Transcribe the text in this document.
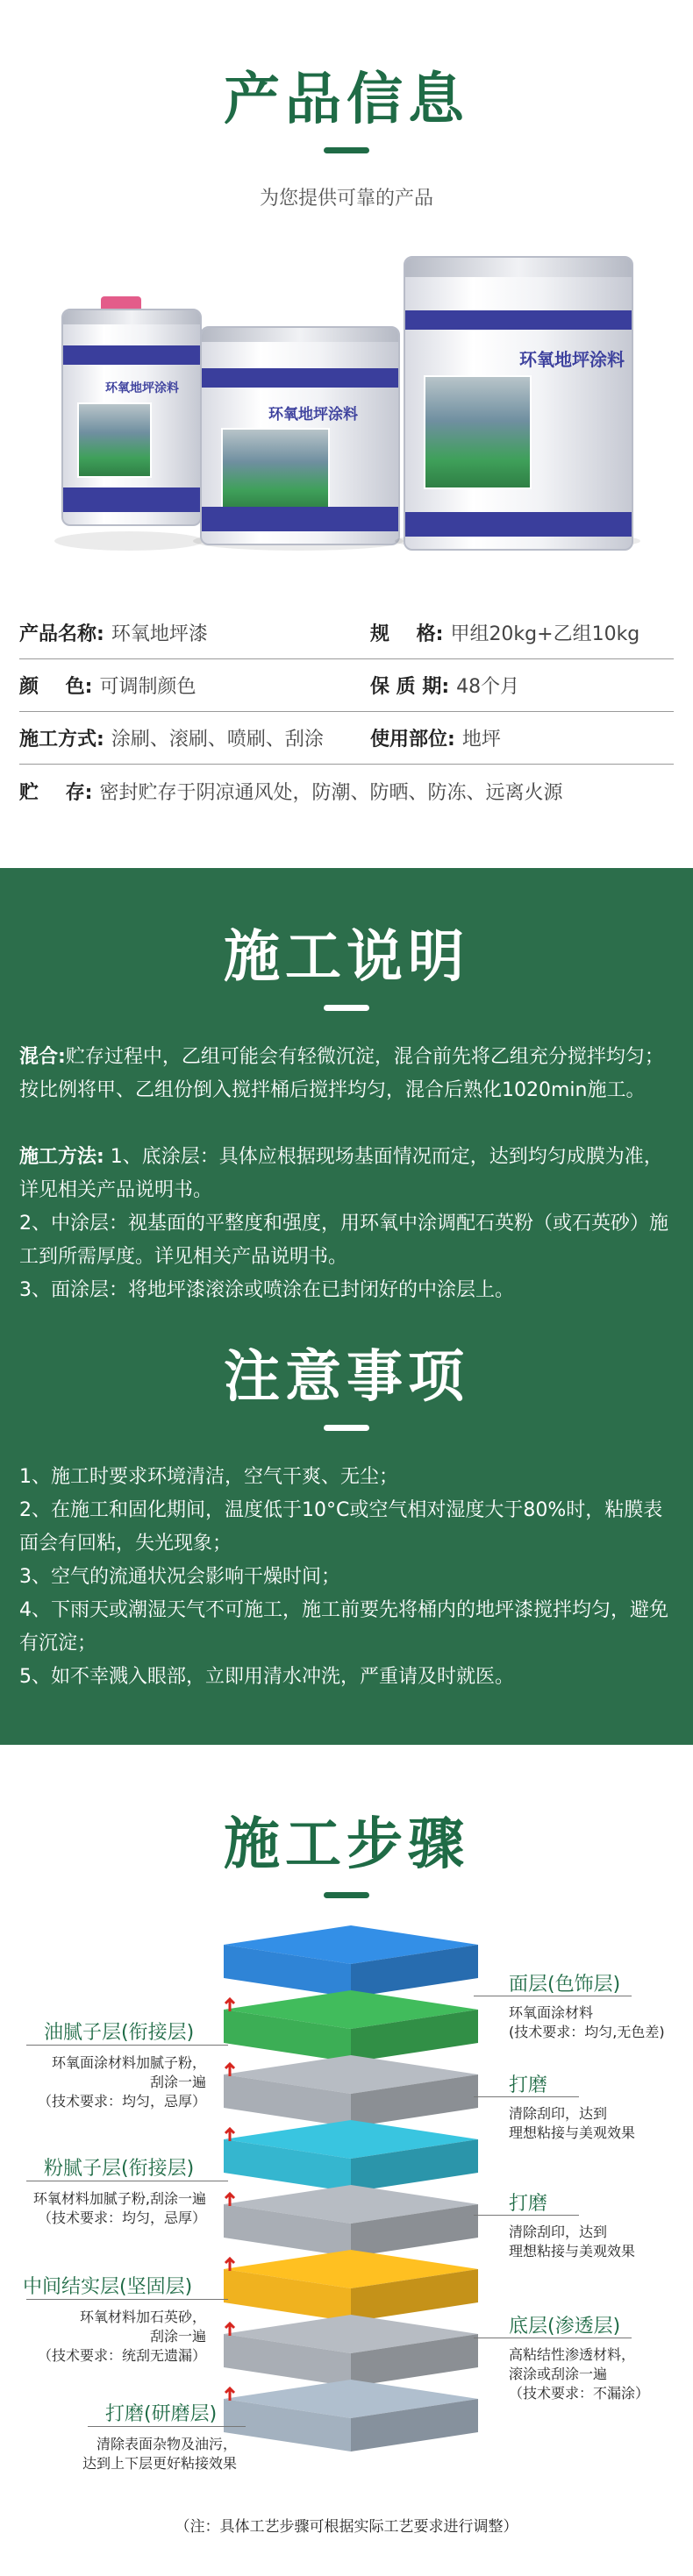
产品信息

为您提供可靠的产品

环氧地坪涂料
环氧地坪涂料
环氧地坪涂料
产品名称: 环氧地坪漆	规    格: 甲组20kg+乙组10kg
颜    色: 可调制颜色	保 质 期: 48个月
施工方式: 涂刷、滚刷、喷刷、刮涂 使用部位: 地坪
贮    存: 密封贮存于阴凉通风处，防潮、防晒、防冻、远离火源
施工说明

混合:贮存过程中，乙组可能会有轻微沉淀，混合前先将乙组充分搅拌均匀；按比例将甲、乙组份倒入搅拌桶后搅拌均匀，混合后熟化1020min施工。

施工方法: 1、底涂层：具体应根据现场基面情况而定，达到均匀成膜为准，详见相关产品说明书。
2、中涂层：视基面的平整度和强度，用环氧中涂调配石英粉（或石英砂）施工到所需厚度。详见相关产品说明书。
3、面涂层：将地坪漆滚涂或喷涂在已封闭好的中涂层上。
注意事项
1、施工时要求环境清洁，空气干爽、无尘；
2、在施工和固化期间，温度低于10°C或空气相对湿度大于80%时，粘膜表面会有回粘，失光现象；
3、空气的流通状况会影响干燥时间；
4、下雨天或潮湿天气不可施工，施工前要先将桶内的地坪漆搅拌均匀，避免有沉淀；
5、如不幸溅入眼部，立即用清水冲洗，严重请及时就医。
施工步骤
面层(色饰层)
环氧面涂材料
(技术要求：均匀,无色差)
打磨
清除刮印，达到
理想粘接与美观效果
打磨
清除刮印，达到
理想粘接与美观效果
底层(渗透层)
高粘结性渗透材料，
滚涂或刮涂一遍
（技术要求：不漏涂）
油腻子层(衔接层)
环氧面涂材料加腻子粉，
刮涂一遍
（技术要求：均匀，忌厚）
粉腻子层(衔接层)
环氧材料加腻子粉,刮涂一遍
（技术要求：均匀，忌厚）
中间结实层(坚固层)
环氧材料加石英砂，
刮涂一遍
（技术要求：统刮无遗漏）
打磨(研磨层)
清除表面杂物及油污，
达到上下层更好粘接效果

（注：具体工艺步骤可根据实际工艺要求进行调整）
